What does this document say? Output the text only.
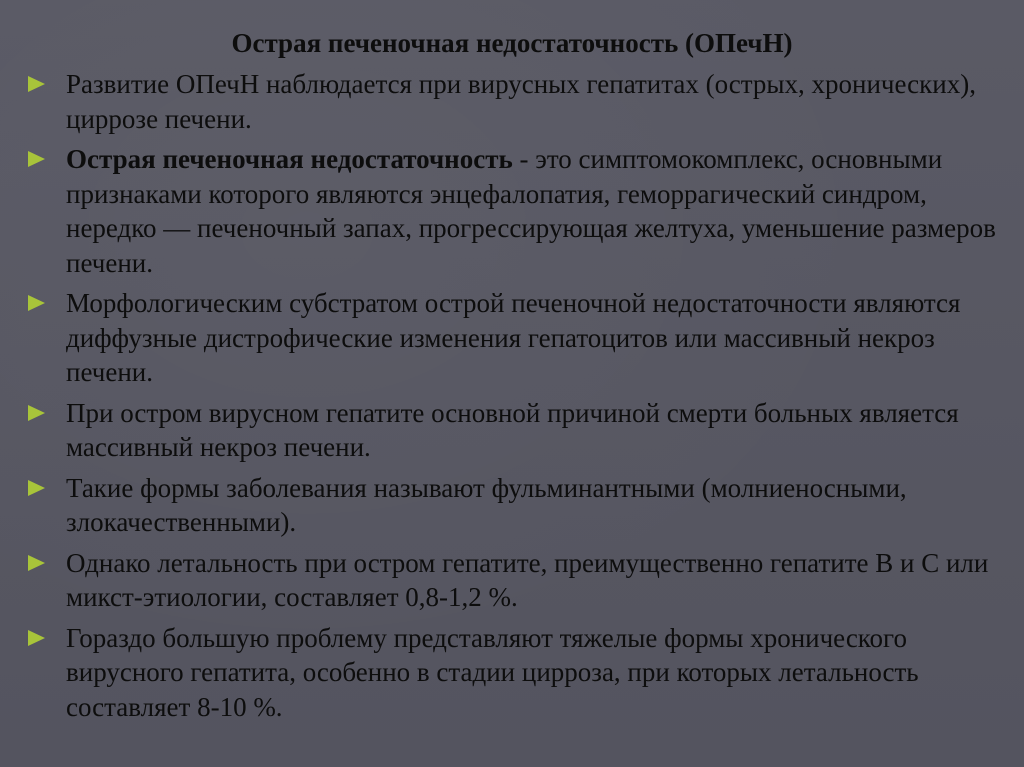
Острая печеночная недостаточность (ОПечН)
Развитие ОПечН наблюдается при вирусных гепатитах (острых, хронических), циррозе печени.
Острая печеночная недостаточность - это симптомокомплекс, основными признаками которого являются энцефалопатия, геморрагический синдром, нередко — печеночный запах, прогрессирующая желтуха, уменьшение размеров печени.
Морфологическим субстратом острой печеночной недостаточности являются диффузные дистрофические изменения гепатоцитов или массивный некроз печени.
При остром вирусном гепатите основной причиной смерти больных является массивный некроз печени.
Такие формы заболевания называют фульминантными (молниеносными, злокачественными).
Однако летальность при остром гепатите, преимущественно гепатите В и С или микст-этиологии, составляет 0,8-1,2 %.
Гораздо большую проблему представляют тяжелые формы хронического вирусного гепатита, особенно в стадии цирроза, при которых летальность составляет 8-10 %.
